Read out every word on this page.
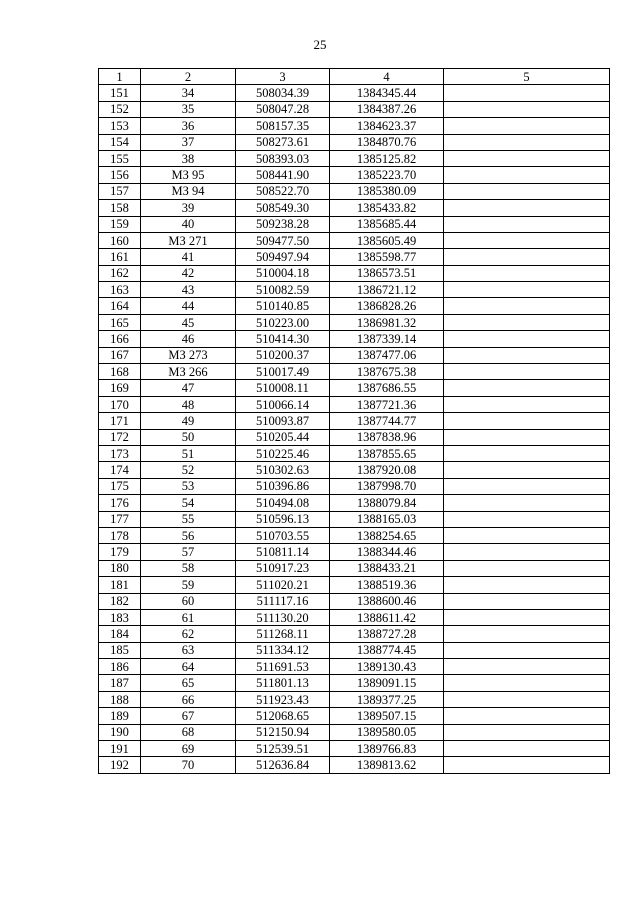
25
1	2	3	4	5
151	34	508034.39	1384345.44	
152	35	508047.28	1384387.26	
153	36	508157.35	1384623.37	
154	37	508273.61	1384870.76	
155	38	508393.03	1385125.82	
156	МЗ 95	508441.90	1385223.70	
157	МЗ 94	508522.70	1385380.09	
158	39	508549.30	1385433.82	
159	40	509238.28	1385685.44	
160	МЗ 271	509477.50	1385605.49	
161	41	509497.94	1385598.77	
162	42	510004.18	1386573.51	
163	43	510082.59	1386721.12	
164	44	510140.85	1386828.26	
165	45	510223.00	1386981.32	
166	46	510414.30	1387339.14	
167	МЗ 273	510200.37	1387477.06	
168	МЗ 266	510017.49	1387675.38	
169	47	510008.11	1387686.55	
170	48	510066.14	1387721.36	
171	49	510093.87	1387744.77	
172	50	510205.44	1387838.96	
173	51	510225.46	1387855.65	
174	52	510302.63	1387920.08	
175	53	510396.86	1387998.70	
176	54	510494.08	1388079.84	
177	55	510596.13	1388165.03	
178	56	510703.55	1388254.65	
179	57	510811.14	1388344.46	
180	58	510917.23	1388433.21	
181	59	511020.21	1388519.36	
182	60	511117.16	1388600.46	
183	61	511130.20	1388611.42	
184	62	511268.11	1388727.28	
185	63	511334.12	1388774.45	
186	64	511691.53	1389130.43	
187	65	511801.13	1389091.15	
188	66	511923.43	1389377.25	
189	67	512068.65	1389507.15	
190	68	512150.94	1389580.05	
191	69	512539.51	1389766.83	
192	70	512636.84	1389813.62	
